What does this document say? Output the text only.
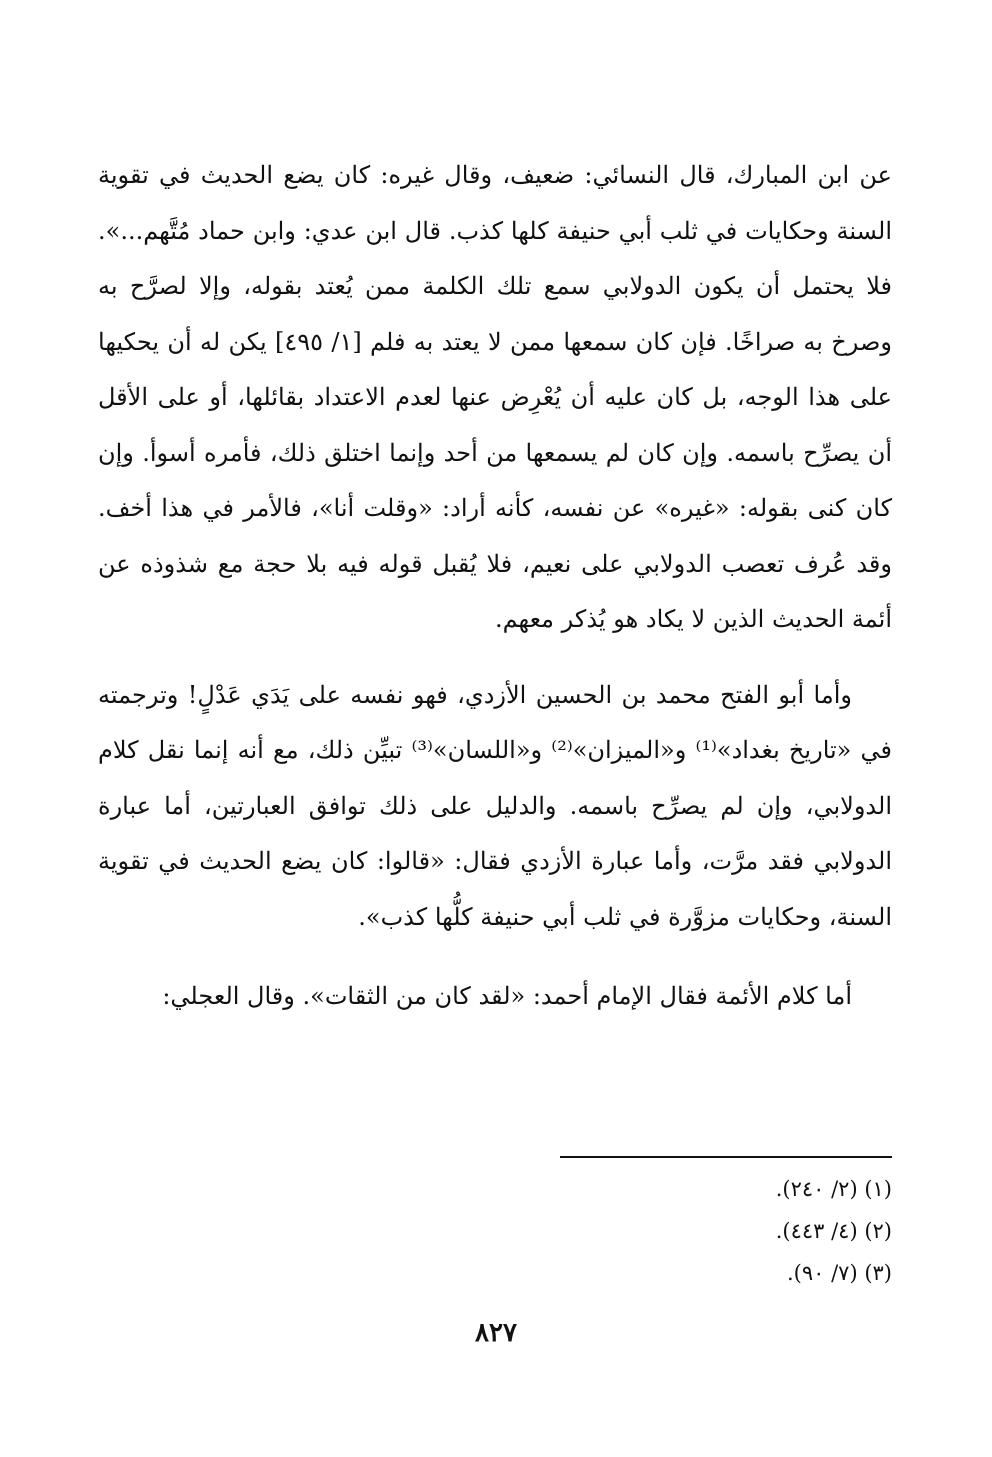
عن ابن المبارك، قال النسائي: ضعيف، وقال غيره: كان يضع الحديث في تقوية السنة وحكايات في ثلب أبي حنيفة كلها كذب. قال ابن عدي: وابن حماد مُتَّهم...». فلا يحتمل أن يكون الدولابي سمع تلك الكلمة ممن يُعتد بقوله، وإلا لصرَّح به وصرخ به صراخًا. فإن كان سمعها ممن لا يعتد به فلم [١/ ٤٩٥] يكن له أن يحكيها على هذا الوجه، بل كان عليه أن يُعْرِض عنها لعدم الاعتداد بقائلها، أو على الأقل أن يصرِّح باسمه. وإن كان لم يسمعها من أحد وإنما اختلق ذلك، فأمره أسوأ. وإن كان كنى بقوله: «غيره» عن نفسه، كأنه أراد: «وقلت أنا»، فالأمر في هذا أخف. وقد عُرف تعصب الدولابي على نعيم، فلا يُقبل قوله فيه بلا حجة مع شذوذه عن أئمة الحديث الذين لا يكاد هو يُذكر معهم.

وأما أبو الفتح محمد بن الحسين الأزدي، فهو نفسه على يَدَي عَدْلٍ! وترجمته في «تاريخ بغداد»⁽¹⁾ و«الميزان»⁽²⁾ و«اللسان»⁽³⁾ تبيِّن ذلك، مع أنه إنما نقل كلام الدولابي، وإن لم يصرِّح باسمه. والدليل على ذلك توافق العبارتين، أما عبارة الدولابي فقد مرَّت، وأما عبارة الأزدي فقال: «قالوا: كان يضع الحديث في تقوية السنة، وحكايات مزوَّرة في ثلب أبي حنيفة كلُّها كذب».

أما كلام الأئمة فقال الإمام أحمد: «لقد كان من الثقات». وقال العجلي:

(١) (٢/ ٢٤٠).
(٢) (٤/ ٤٤٣).
(٣) (٧/ ٩٠).
٨٢٧
